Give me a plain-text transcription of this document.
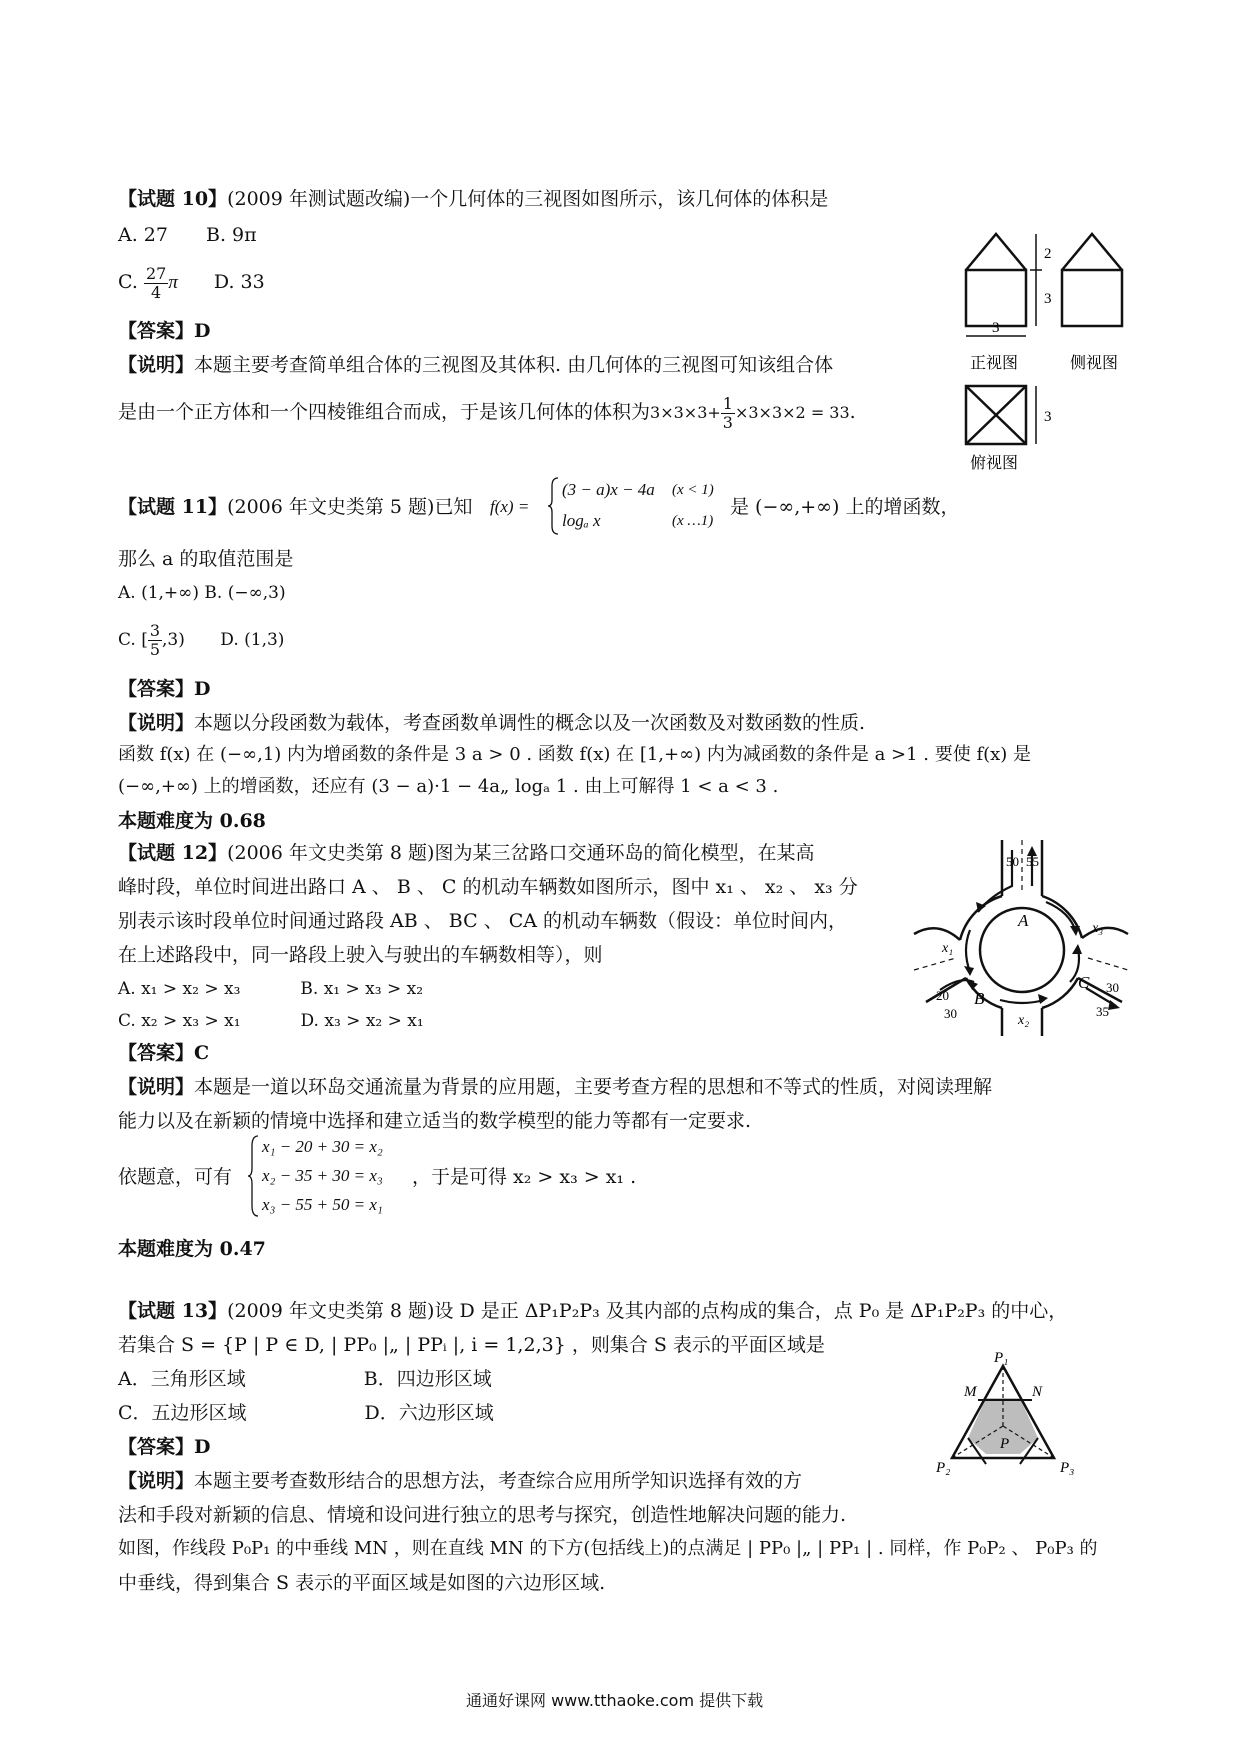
【试题 10】(2009 年测试题改编)一个几何体的三视图如图所示，该几何体的体积是
A. 27 B. 9π
C. $\frac{27}{4}$ π D. 33
【答案】D
【说明】本题主要考查简单组合体的三视图及其体积. 由几何体的三视图可知该组合体
是由一个正方体和一个四棱锥组合而成，于是该几何体的体积为$3\times 3\times 3+ \frac{1}{3} \times 3\times 3\times 2 = 33$.
2
3
3
3
正视图	侧视图
俯视图
【试题 11】(2006 年文史类第 5 题)已知 f(x) =
(3 − a)x − 4a (x < 1)
logₐ x	(x …1)
是 (−∞,+∞) 上的增函数，
那么 a 的取值范围是
A. (1,+∞) B. (−∞,3)
C. [ $\frac{3}{5} ,3$) D. (1,3)
【答案】D
【说明】本题以分段函数为载体，考查函数单调性的概念以及一次函数及对数函数的性质.
函数 f(x) 在 (−∞,1) 内为增函数的条件是 3 a > 0 . 函数 f(x) 在 [1,+∞) 内为减函数的条件是 a >1 . 要使 f(x) 是
(−∞,+∞) 上的增函数，还应有 (3 − a)·1 − 4a„ logₐ 1 . 由上可解得 1 < a < 3 .
本题难度为 0.68
【试题 12】(2006 年文史类第 8 题)图为某三岔路口交通环岛的简化模型，在某高
峰时段，单位时间进出路口 A 、 B 、 C 的机动车辆数如图所示，图中 x₁ 、 x₂ 、 x₃ 分
别表示该时段单位时间通过路段 AB 、 BC 、 CA 的机动车辆数（假设：单位时间内，
在上述路段中，同一路段上驶入与驶出的车辆数相等），则
A. x₁ > x₂ > x₃	B. x₁ > x₃ > x₂
C. x₂ > x₃ > x₁	D. x₃ > x₂ > x₁
【答案】C
【说明】本题是一道以环岛交通流量为背景的应用题，主要考查方程的思想和不等式的性质，对阅读理解
能力以及在新颖的情境中选择和建立适当的数学模型的能力等都有一定要求.
依题意，可有
x₁ − 20 + 30 = x₂
x₂ − 35 + 30 = x₃
x₃ − 55 + 50 = x₁
，于是可得 x₂ > x₃ > x₁ .
本题难度为 0.47
50 55
20
30
30
35
A
B
C
x₁
x₂
x₃
【试题 13】(2009 年文史类第 8 题)设 D 是正 ΔP₁P₂P₃ 及其内部的点构成的集合，点 P₀ 是 ΔP₁P₂P₃ 的中心，
若集合 S = {P | P ∈ D, | PP₀ |„ | PPᵢ |, i = 1,2,3} ，则集合 S 表示的平面区域是
A．三角形区域	B．四边形区域
C．五边形区域	D．六边形区域
【答案】D
【说明】本题主要考查数形结合的思想方法，考查综合应用所学知识选择有效的方
法和手段对新颖的信息、情境和设问进行独立的思考与探究，创造性地解决问题的能力.
如图，作线段 P₀P₁ 的中垂线 MN ，则在直线 MN 的下方(包括线上)的点满足 | PP₀ |„ | PP₁ | . 同样，作 P₀P₂ 、 P₀P₃ 的
中垂线，得到集合 S 表示的平面区域是如图的六边形区域.
P₁
P₂	P₃
P
M	N
通通好课网 www.tthaoke.com 提供下载
